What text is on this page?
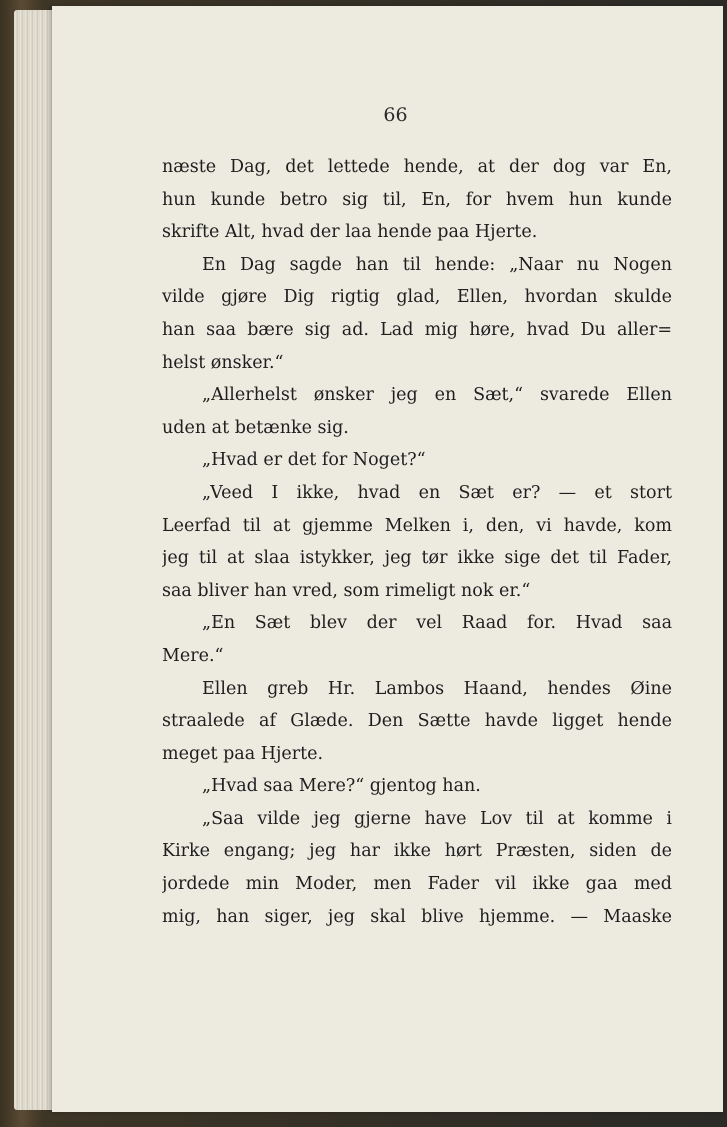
66
næste Dag, det lettede hende, at der dog var En,
hun kunde betro sig til, En, for hvem hun kunde
skrifte Alt, hvad der laa hende paa Hjerte.
En Dag sagde han til hende: „Naar nu Nogen
vilde gjøre Dig rigtig glad, Ellen, hvordan skulde
han saa bære sig ad. Lad mig høre, hvad Du aller=
helst ønsker.“
„Allerhelst ønsker jeg en Sæt,“ svarede Ellen
uden at betænke sig.
„Hvad er det for Noget?“
„Veed I ikke, hvad en Sæt er? — et stort
Leerfad til at gjemme Melken i, den, vi havde, kom
jeg til at slaa istykker, jeg tør ikke sige det til Fader,
saa bliver han vred, som rimeligt nok er.“
„En Sæt blev der vel Raad for. Hvad saa
Mere.“
Ellen greb Hr. Lambos Haand, hendes Øine
straalede af Glæde. Den Sætte havde ligget hende
meget paa Hjerte.
„Hvad saa Mere?“ gjentog han.
„Saa vilde jeg gjerne have Lov til at komme i
Kirke engang; jeg har ikke hørt Præsten, siden de
jordede min Moder, men Fader vil ikke gaa med
mig, han siger, jeg skal blive hjemme. — Maaske
